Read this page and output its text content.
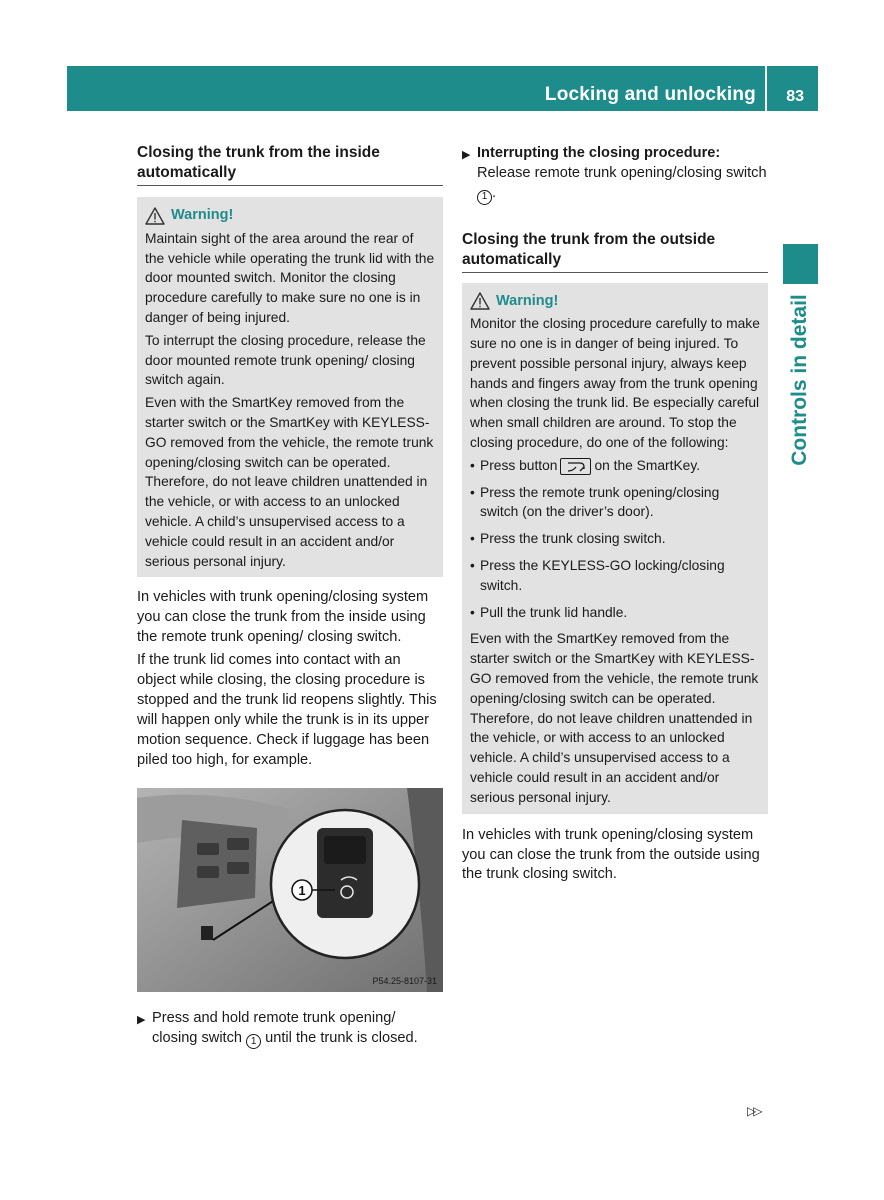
Locking and unlocking 83
Controls in detail
Closing the trunk from the inside automatically
Warning!

Maintain sight of the area around the rear of the vehicle while operating the trunk lid with the door mounted switch. Monitor the closing procedure carefully to make sure no one is in danger of being injured.

To interrupt the closing procedure, release the door mounted remote trunk opening/ closing switch again.

Even with the SmartKey removed from the starter switch or the SmartKey with KEYLESS-GO removed from the vehicle, the remote trunk opening/closing switch can be operated. Therefore, do not leave children unattended in the vehicle, or with access to an unlocked vehicle. A child’s unsupervised access to a vehicle could result in an accident and/or serious personal injury.

In vehicles with trunk opening/closing system you can close the trunk from the inside using the remote trunk opening/ closing switch.

If the trunk lid comes into contact with an object while closing, the closing procedure is stopped and the trunk lid reopens slightly. This will happen only while the trunk is in its upper motion sequence. Check if luggage has been piled too high, for example.

1
P54.25-8107-31
▶ Press and hold remote trunk opening/ closing switch 1 until the trunk is closed.
▶ Interrupting the closing procedure:
Release remote trunk opening/closing switch 1 .
Closing the trunk from the outside automatically
Warning!

Monitor the closing procedure carefully to make sure no one is in danger of being injured. To prevent possible personal injury, always keep hands and fingers away from the trunk opening when closing the trunk lid. Be especially careful when small children are around. To stop the closing procedure, do one of the following:

• Press button	on the SmartKey.
• Press the remote trunk opening/closing switch (on the driver’s door).
• Press the trunk closing switch.
• Press the KEYLESS-GO locking/closing switch.
• Pull the trunk lid handle.

Even with the SmartKey removed from the starter switch or the SmartKey with KEYLESS-GO removed from the vehicle, the remote trunk opening/closing switch can be operated. Therefore, do not leave children unattended in the vehicle, or with access to an unlocked vehicle. A child’s unsupervised access to a vehicle could result in an accident and/or serious personal injury.

In vehicles with trunk opening/closing system you can close the trunk from the outside using the trunk closing switch.

▷▷
